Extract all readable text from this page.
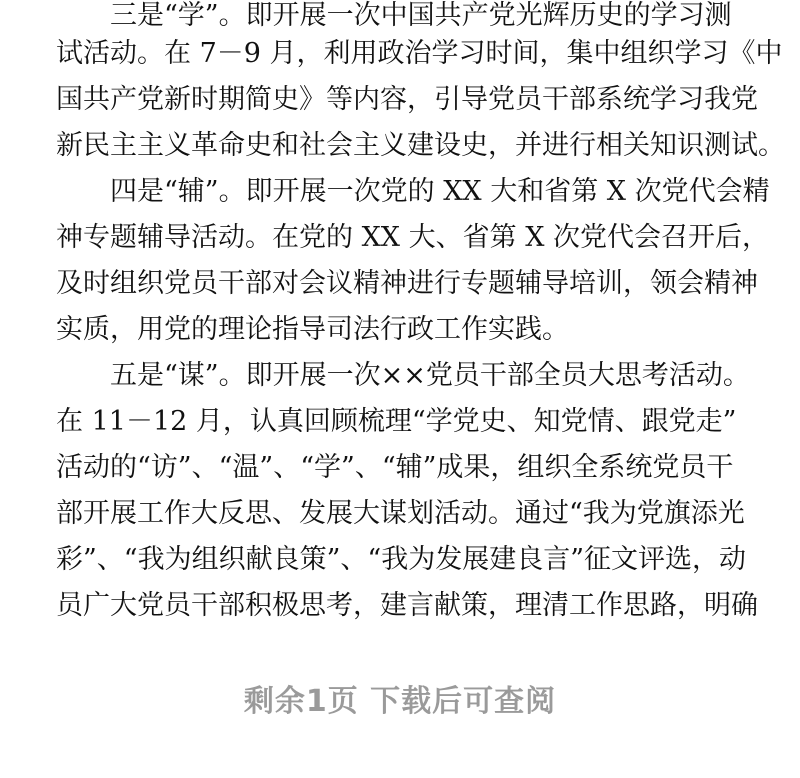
三是“学”。即开展一次中国共产党光辉历史的学习测
试活动。在 7－9 月，利用政治学习时间，集中组织学习《中
国共产党新时期简史》等内容，引导党员干部系统学习我党
新民主主义革命史和社会主义建设史，并进行相关知识测试。
四是“辅”。即开展一次党的 XX 大和省第 X 次党代会精
神专题辅导活动。在党的 XX 大、省第 X 次党代会召开后，
及时组织党员干部对会议精神进行专题辅导培训，领会精神
实质，用党的理论指导司法行政工作实践。
五是“谋”。即开展一次××党员干部全员大思考活动。
在 11－12 月，认真回顾梳理“学党史、知党情、跟党走”
活动的“访”、“温”、“学”、“辅”成果，组织全系统党员干
部开展工作大反思、发展大谋划活动。通过“我为党旗添光
彩”、“我为组织献良策”、“我为发展建良言”征文评选，动
员广大党员干部积极思考，建言献策，理清工作思路，明确
剩余1页 下载后可查阅
